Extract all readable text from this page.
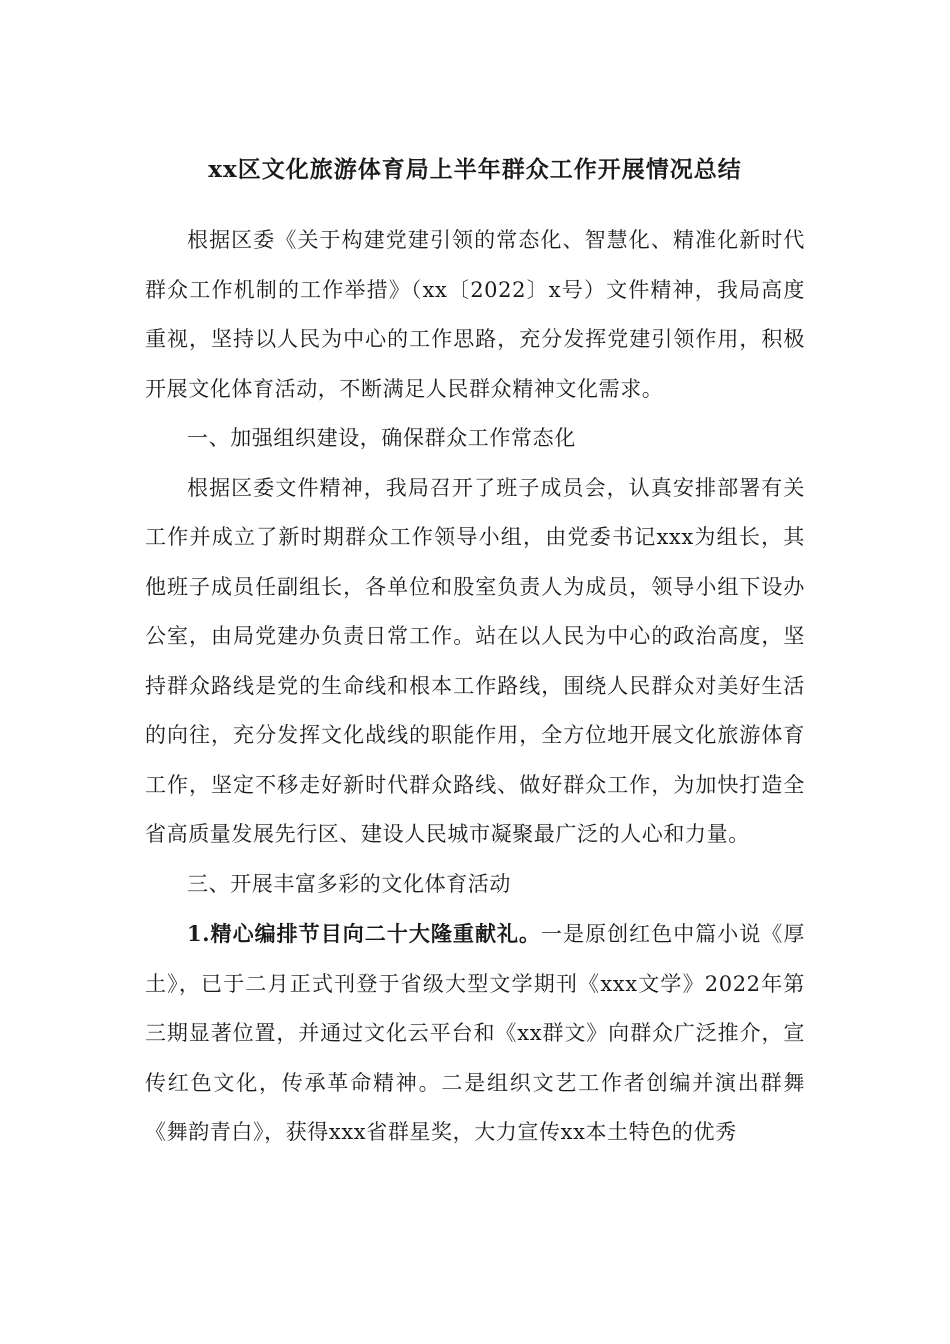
xx区文化旅游体育局上半年群众工作开展情况总结

根据区委《关于构建党建引领的常态化、智慧化、精准化新时代群众工作机制的工作举措》（xx〔2022〕x号）文件精神，我局高度重视，坚持以人民为中心的工作思路，充分发挥党建引领作用，积极开展文化体育活动，不断满足人民群众精神文化需求。

一、加强组织建设，确保群众工作常态化

根据区委文件精神，我局召开了班子成员会，认真安排部署有关工作并成立了新时期群众工作领导小组，由党委书记xxx为组长，其他班子成员任副组长，各单位和股室负责人为成员，领导小组下设办公室，由局党建办负责日常工作。站在以人民为中心的政治高度，坚持群众路线是党的生命线和根本工作路线，围绕人民群众对美好生活的向往，充分发挥文化战线的职能作用，全方位地开展文化旅游体育工作，坚定不移走好新时代群众路线、做好群众工作，为加快打造全省高质量发展先行区、建设人民城市凝聚最广泛的人心和力量。

三、开展丰富多彩的文化体育活动

1.精心编排节目向二十大隆重献礼。一是原创红色中篇小说《厚土》，已于二月正式刊登于省级大型文学期刊《xxx文学》2022年第三期显著位置，并通过文化云平台和《xx群文》向群众广泛推介，宣传红色文化，传承革命精神。二是组织文艺工作者创编并演出群舞《舞韵青白》，获得xxx省群星奖，大力宣传xx本土特色的优秀
